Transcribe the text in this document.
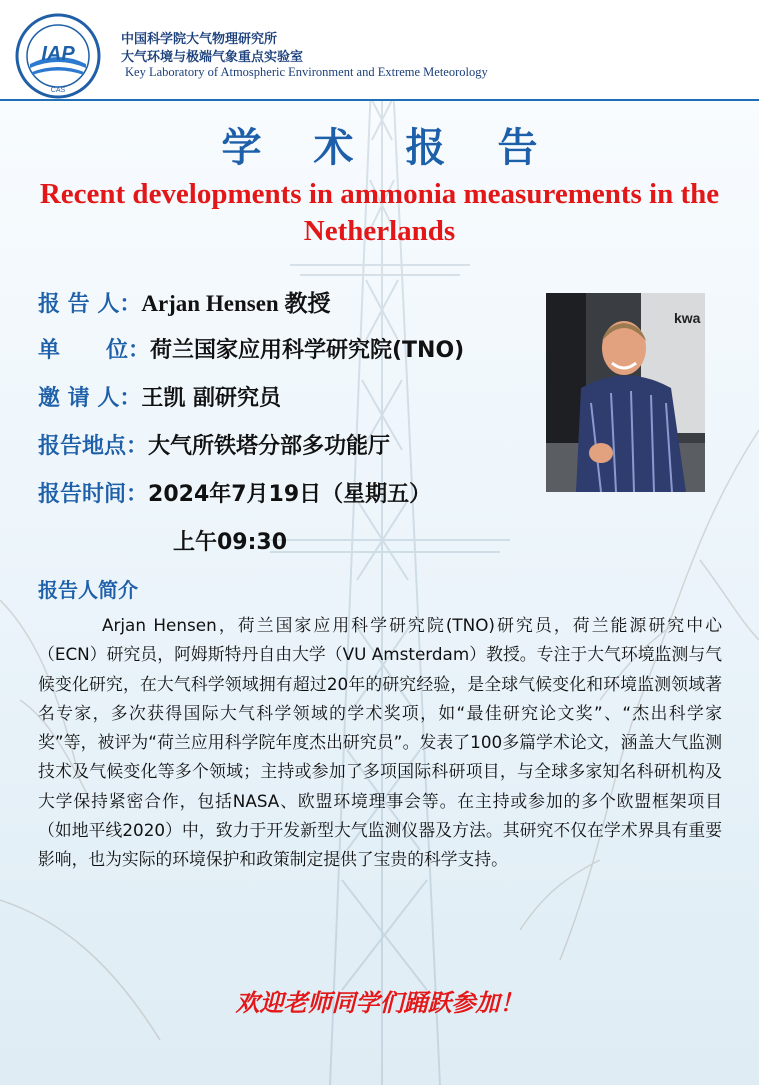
IAP
CAS
中国科学院大气物理研究所
大气环境与极端气象重点实验室
Key Laboratory of Atmospheric Environment and Extreme Meteorology
学术报告
Recent developments in ammonia measurements in the Netherlands
报 告 人：Arjan Hensen 教授
单      位：荷兰国家应用科学研究院(TNO)
邀 请 人：王凯 副研究员
报告地点：大气所铁塔分部多功能厅
报告时间：2024年7月19日（星期五）
上午09:30
kwa
报告人简介
Arjan Hensen，荷兰国家应用科学研究院(TNO)研究员，荷兰能源研究中心（ECN）研究员，阿姆斯特丹自由大学（VU Amsterdam）教授。专注于大气环境监测与气候变化研究，在大气科学领域拥有超过20年的研究经验，是全球气候变化和环境监测领域著名专家，多次获得国际大气科学领域的学术奖项，如“最佳研究论文奖”、“杰出科学家奖”等，被评为“荷兰应用科学院年度杰出研究员”。发表了100多篇学术论文，涵盖大气监测技术及气候变化等多个领域；主持或参加了多项国际科研项目，与全球多家知名科研机构及大学保持紧密合作，包括NASA、欧盟环境理事会等。在主持或参加的多个欧盟框架项目（如地平线2020）中，致力于开发新型大气监测仪器及方法。其研究不仅在学术界具有重要影响，也为实际的环境保护和政策制定提供了宝贵的科学支持。
欢迎老师同学们踊跃参加！
